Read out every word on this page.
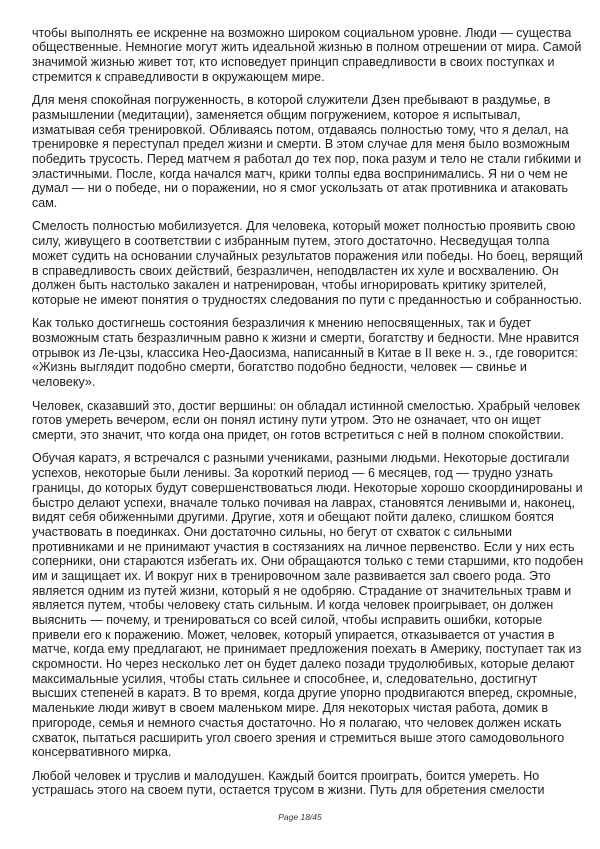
чтобы выполнять ее искренне на возможно широком социальном уровне. Люди — существа
общественные. Немногие могут жить идеальной жизнью в полном отрешении от мира. Самой
значимой жизнью живет тот, кто исповедует принцип справедливости в своих поступках и
стремится к справедливости в окружающем мире.
Для меня спокойная погруженность, в которой служители Дзен пребывают в раздумье, в
размышлении (медитации), заменяется общим погружением, которое я испытывал,
изматывая себя тренировкой. Обливаясь потом, отдаваясь полностью тому, что я делал, на
тренировке я переступал предел жизни и смерти. В этом случае для меня было возможным
победить трусость. Перед матчем я работал до тех пор, пока разум и тело не стали гибкими и
эластичными. После, когда начался матч, крики толпы едва воспринимались. Я ни о чем не
думал — ни о победе, ни о поражении, но я смог ускользать от атак противника и атаковать
сам.
Смелость полностью мобилизуется. Для человека, который может полностью проявить свою
силу, живущего в соответствии с избранным путем, этого достаточно. Несведущая толпа
может судить на основании случайных результатов поражения или победы. Но боец, верящий
в справедливость своих действий, безразличен, неподвластен их хуле и восхвалению. Он
должен быть настолько закален и натренирован, чтобы игнорировать критику зрителей,
которые не имеют понятия о трудностях следования по пути с преданностью и собранностью.
Как только достигнешь состояния безразличия к мнению непосвященных, так и будет
возможным стать безразличным равно к жизни и смерти, богатству и бедности. Мне нравится
отрывок из Ле-цзы, классика Нео-Даосизма, написанный в Китае в II веке н. э., где говорится:
«Жизнь выглядит подобно смерти, богатство подобно бедности, человек — свинье и
человеку».
Человек, сказавший это, достиг вершины: он обладал истинной смелостью. Храбрый человек
готов умереть вечером, если он понял истину пути утром. Это не означает, что он ищет
смерти, это значит, что когда она придет, он готов встретиться с ней в полном спокойствии.
Обучая каратэ, я встречался с разными учениками, разными людьми. Некоторые достигали
успехов, некоторые были ленивы. За короткий период — 6 месяцев, год — трудно узнать
границы, до которых будут совершенствоваться люди. Некоторые хорошо скоординированы и
быстро делают успехи, вначале только почивая на лаврах, становятся ленивыми и, наконец,
видят себя обиженными другими. Другие, хотя и обещают пойти далеко, слишком боятся
участвовать в поединках. Они достаточно сильны, но бегут от схваток с сильными
противниками и не принимают участия в состязаниях на личное первенство. Если у них есть
соперники, они стараются избегать их. Они обращаются только с теми старшими, кто подобен
им и защищает их. И вокруг них в тренировочном зале развивается зал своего рода. Это
является одним из путей жизни, который я не одобряю. Страдание от значительных травм и
является путем, чтобы человеку стать сильным. И когда человек проигрывает, он должен
выяснить — почему, и тренироваться со всей силой, чтобы исправить ошибки, которые
привели его к поражению. Может, человек, который упирается, отказывается от участия в
матче, когда ему предлагают, не принимает предложения поехать в Америку, поступает так из
скромности. Но через несколько лет он будет далеко позади трудолюбивых, которые делают
максимальные усилия, чтобы стать сильнее и способнее, и, следовательно, достигнут
высших степеней в каратэ. В то время, когда другие упорно продвигаются вперед, скромные,
маленькие люди живут в своем маленьком мире. Для некоторых чистая работа, домик в
пригороде, семья и немного счастья достаточно. Но я полагаю, что человек должен искать
схваток, пытаться расширить угол своего зрения и стремиться выше этого самодовольного
консервативного мирка.
Любой человек и труслив и малодушен. Каждый боится проиграть, боится умереть. Но
устрашась этого на своем пути, остается трусом в жизни. Путь для обретения смелости
Page 18/45
